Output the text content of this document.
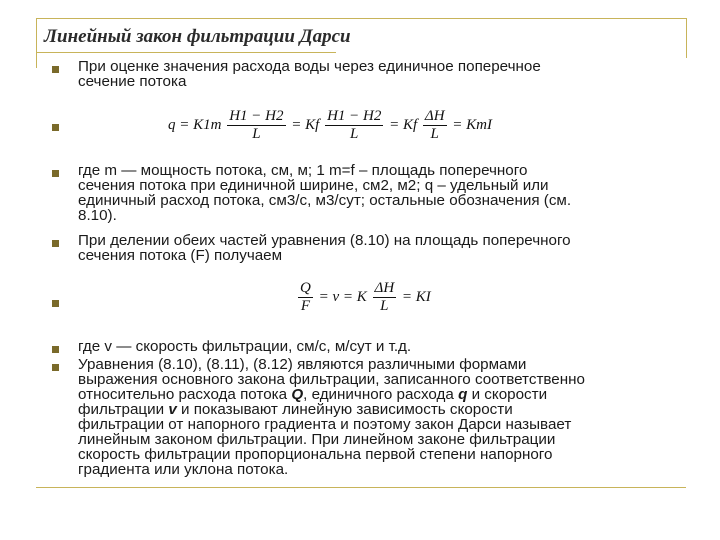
Линейный закон фильтрации Дарси
При оценке значения расхода воды через единичное поперечное
сечение потока
$q = K1m \frac{H1 - H2}{L} = Kf \frac{H1 - H2}{L} = Kf \frac{\Delta H}{L}$ = KmI
где m — мощность потока, см, м; 1 m=f – площадь поперечного
сечения потока при единичной ширине, см2, м2; q – удельный или
единичный расход потока, см3/с, м3/сут; остальные обозначения (см.
8.10).
При делении обеих частей уравнения (8.10) на площадь поперечного
сечения потока (F) получаем
$\frac{Q}{F} = v = K \frac{\Delta H}{L}$ = KI
где v — скорость фильтрации, см/с, м/сут и т.д.
Уравнения (8.10), (8.11), (8.12) являются различными формами
выражения основного закона фильтрации, записанного соответственно
относительно расхода потока Q, единичного расхода q и скорости
фильтрации v и показывают линейную зависимость скорости
фильтрации от напорного градиента и поэтому закон Дарси называет
линейным законом фильтрации. При линейном законе фильтрации
скорость фильтрации пропорциональна первой степени напорного
градиента или уклона потока.
